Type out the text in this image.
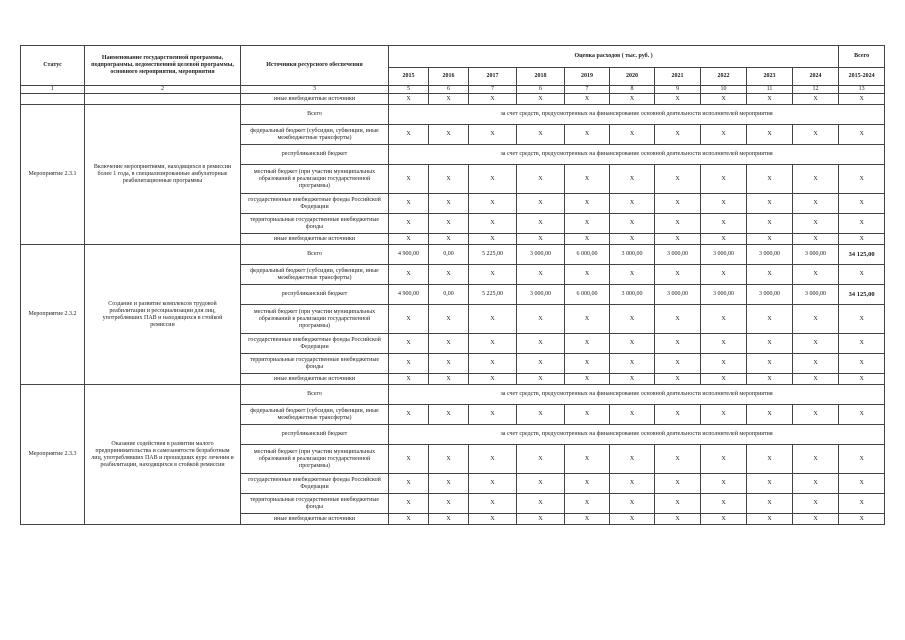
Статус	Наименование государственной программы, подпрограммы, ведомственной целевой программы, основного мероприятия, мероприятия	Источники ресурсного обеспечения	Оценка расходов ( тыс. руб. )										Всего
			2015	2016	2017	2018	2019	2020	2021	2022	2023	2024	2015-2024
1	2	3	5	6	7	6	7	8	9	10	11	12	13
		иные внебюджетные источники	X	X	X	X	X	X	X	X	X	X	X
Мероприятие 2.3.1	Включение мероприятиями, находящихся в ремиссии более 1 года, в специализированные амбулаторные реабилитационные программы	Всего	за счет средств, предусмотренных на финансирование основной деятельности исполнителей мероприятия										
		федеральный бюджет (субсидии, субвенции, иные межбюджетные трансферты)	X	X	X	X	X	X	X	X	X	X	X
		республиканский бюджет	за счет средств, предусмотренных на финансирование основной деятельности исполнителей мероприятия										
		местный бюджет (при участии муниципальных образований в реализации государственной программы)	X	X	X	X	X	X	X	X	X	X	X
		государственные внебюджетные фонды Российской Федерации	X	X	X	X	X	X	X	X	X	X	X
		территориальные государственные внебюджетные фонды	X	X	X	X	X	X	X	X	X	X	X
		иные внебюджетные источники	X	X	X	X	X	X	X	X	X	X	X
Мероприятие 2.3.2	Создание и развитие комплексов трудовой реабилитации и ресоциализации для лиц, употреблявших ПАВ и находящихся в стойкой ремиссии	Всего	4 900,00	0,00	5 225,00	3 000,00	6 000,00	3 000,00	3 000,00	3 000,00	3 000,00	3 000,00	34 125,00
		федеральный бюджет (субсидии, субвенции, иные межбюджетные трансферты)	X	X	X	X	X	X	X	X	X	X	X
		республиканский бюджет	4 900,00	0,00	5 225,00	3 000,00	6 000,00	3 000,00	3 000,00	3 000,00	3 000,00	3 000,00	34 125,00
		местный бюджет (при участии муниципальных образований в реализации государственной программы)	X	X	X	X	X	X	X	X	X	X	X
		государственные внебюджетные фонды Российской Федерации	X	X	X	X	X	X	X	X	X	X	X
		территориальные государственные внебюджетные фонды	X	X	X	X	X	X	X	X	X	X	X
		иные внебюджетные источники	X	X	X	X	X	X	X	X	X	X	X
Мероприятие 2.3.3	Оказание содействия в развитии малого предпринимательства и самозанятости безработным лиц, употреблявших ПАВ и прошедших курс лечения и реабилитации, находящихся в стойкой ремиссии	Всего	за счет средств, предусмотренных на финансирование основной деятельности исполнителей мероприятия										
		федеральный бюджет (субсидии, субвенции, иные межбюджетные трансферты)	X	X	X	X	X	X	X	X	X	X	X
		республиканский бюджет	за счет средств, предусмотренных на финансирование основной деятельности исполнителей мероприятия										
		местный бюджет (при участии муниципальных образований в реализации государственной программы)	X	X	X	X	X	X	X	X	X	X	X
		государственные внебюджетные фонды Российской Федерации	X	X	X	X	X	X	X	X	X	X	X
		территориальные государственные внебюджетные фонды	X	X	X	X	X	X	X	X	X	X	X
		иные внебюджетные источники	X	X	X	X	X	X	X	X	X	X	X
